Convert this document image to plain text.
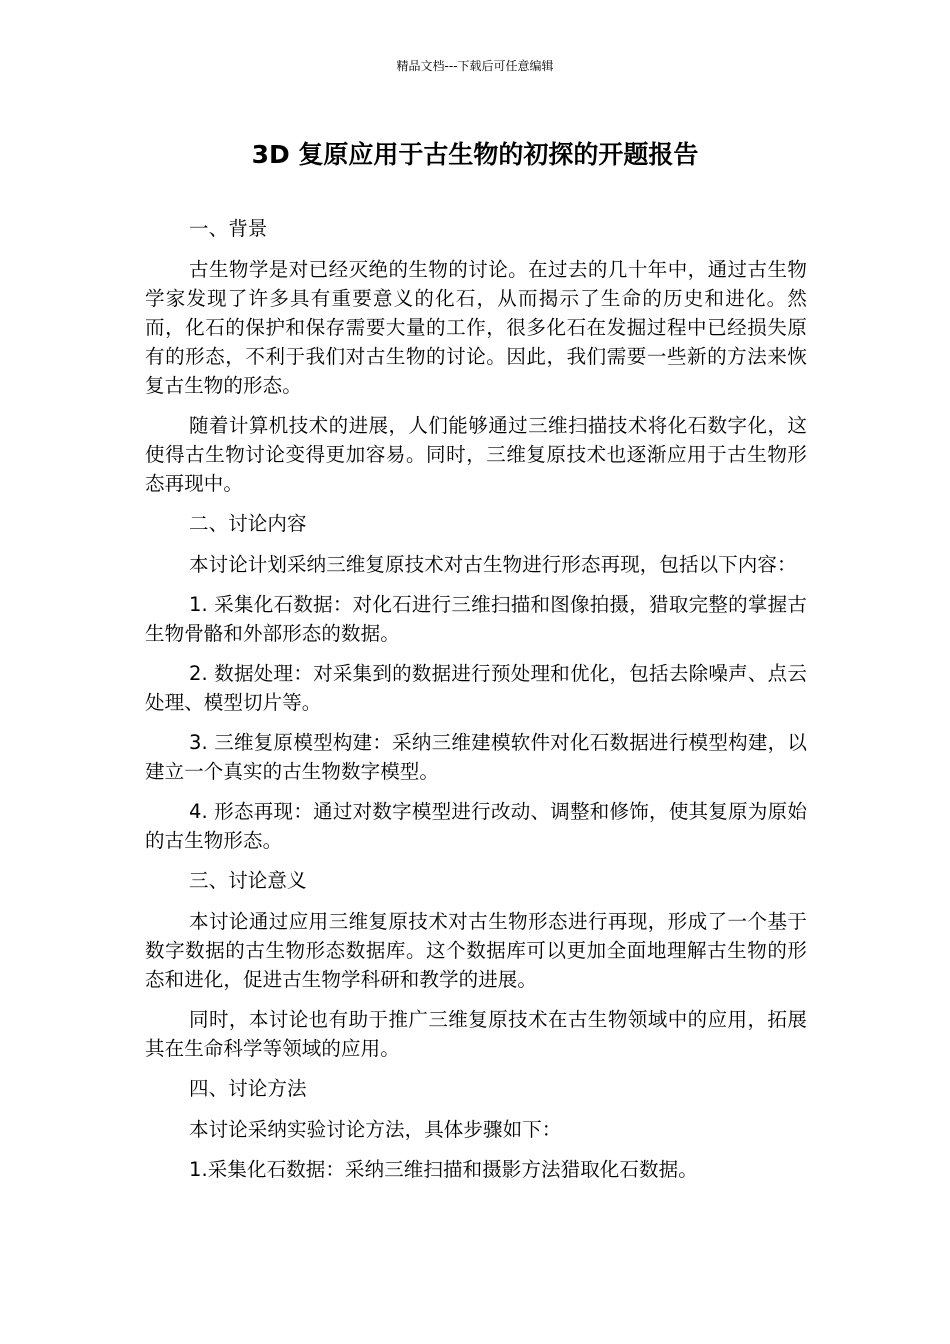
精品文档---下载后可任意编辑
3D 复原应用于古生物的初探的开题报告

一、背景

古生物学是对已经灭绝的生物的讨论。在过去的几十年中，通过古生物学家发现了许多具有重要意义的化石，从而揭示了生命的历史和进化。然而，化石的保护和保存需要大量的工作，很多化石在发掘过程中已经损失原有的形态，不利于我们对古生物的讨论。因此，我们需要一些新的方法来恢复古生物的形态。

随着计算机技术的进展，人们能够通过三维扫描技术将化石数字化，这使得古生物讨论变得更加容易。同时，三维复原技术也逐渐应用于古生物形态再现中。

二、讨论内容

本讨论计划采纳三维复原技术对古生物进行形态再现，包括以下内容：

1. 采集化石数据：对化石进行三维扫描和图像拍摄，猎取完整的掌握古生物骨骼和外部形态的数据。

2. 数据处理：对采集到的数据进行预处理和优化，包括去除噪声、点云处理、模型切片等。

3. 三维复原模型构建：采纳三维建模软件对化石数据进行模型构建，以建立一个真实的古生物数字模型。

4. 形态再现：通过对数字模型进行改动、调整和修饰，使其复原为原始的古生物形态。

三、讨论意义

本讨论通过应用三维复原技术对古生物形态进行再现，形成了一个基于数字数据的古生物形态数据库。这个数据库可以更加全面地理解古生物的形态和进化，促进古生物学科研和教学的进展。

同时，本讨论也有助于推广三维复原技术在古生物领域中的应用，拓展其在生命科学等领域的应用。

四、讨论方法

本讨论采纳实验讨论方法，具体步骤如下：

1.采集化石数据：采纳三维扫描和摄影方法猎取化石数据。
